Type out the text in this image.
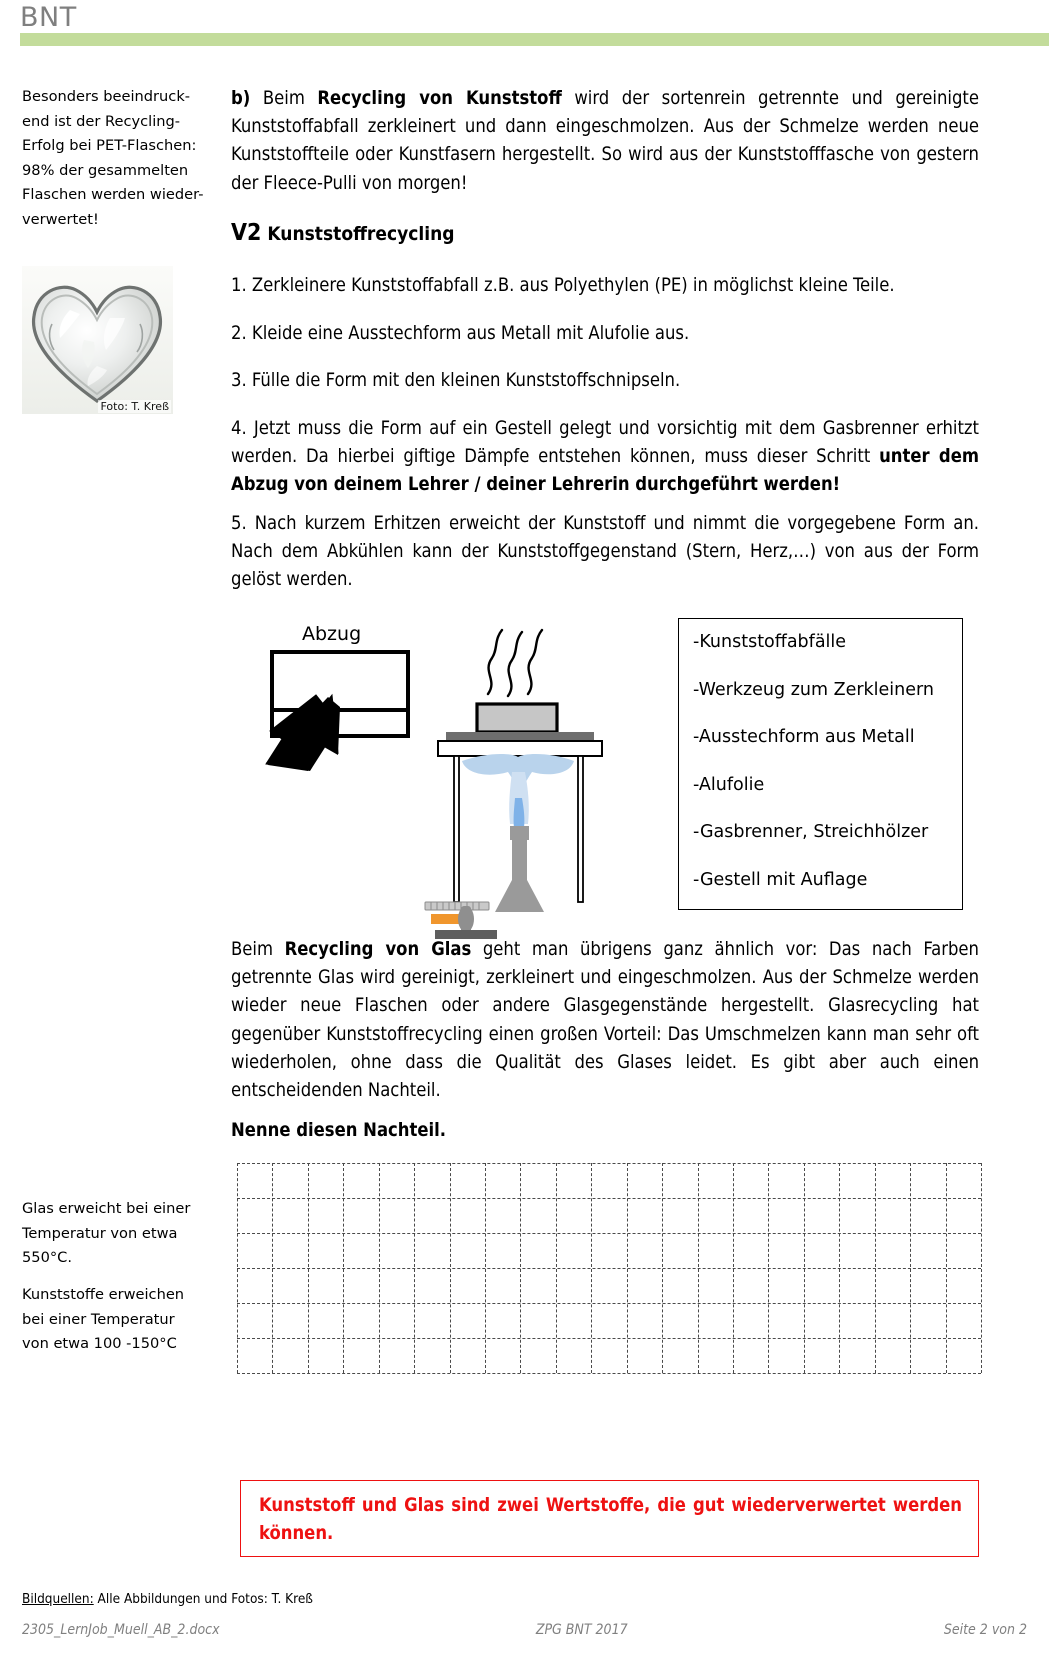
BNT
Besonders beeindruck-
end ist der Recycling-
Erfolg bei PET-Flaschen:
98% der gesammelten
Flaschen werden wieder-
verwertet!
Foto: T. Kreß
Glas erweicht bei einer
Temperatur von etwa
550°C.
Kunststoffe erweichen
bei einer Temperatur
von etwa 100 -150°C
b) Beim Recycling von Kunststoff wird der sortenrein getrennte und gereinigte Kunststoffabfall zerkleinert und dann eingeschmolzen. Aus der Schmelze werden neue Kunststoffteile oder Kunstfasern hergestellt. So wird aus der Kunststofffasche von gestern der Fleece-Pulli von morgen!
V2 Kunststoffrecycling
1. Zerkleinere Kunststoffabfall z.B. aus Polyethylen (PE) in möglichst kleine Teile.
2. Kleide eine Ausstechform aus Metall mit Alufolie aus.
3. Fülle die Form mit den kleinen Kunststoffschnipseln.
4. Jetzt muss die Form auf ein Gestell gelegt und vorsichtig mit dem Gasbrenner erhitzt werden. Da hierbei giftige Dämpfe entstehen können, muss dieser Schritt unter dem Abzug von deinem Lehrer / deiner Lehrerin durchgeführt werden!
5. Nach kurzem Erhitzen erweicht der Kunststoff und nimmt die vorgegebene Form an. Nach dem Abkühlen kann der Kunststoffgegenstand (Stern, Herz,…) von aus der Form gelöst werden.
Abzug	-Kunststoffabfälle
-Werkzeug zum Zerkleinern
-Ausstechform aus Metall
-Alufolie
-Gasbrenner, Streichhölzer
-Gestell mit Auflage
Beim Recycling von Glas geht man übrigens ganz ähnlich vor: Das nach Farben getrennte Glas wird gereinigt, zerkleinert und eingeschmolzen. Aus der Schmelze werden wieder neue Flaschen oder andere Glasgegenstände hergestellt. Glasrecycling hat gegenüber Kunststoffrecycling einen großen Vorteil: Das Umschmelzen kann man sehr oft wiederholen, ohne dass die Qualität des Glases leidet. Es gibt aber auch einen entscheidenden Nachteil.
Nenne diesen Nachteil.
Kunststoff und Glas sind zwei Wertstoffe, die gut wiederverwertet werden können.
Bildquellen: Alle Abbildungen und Fotos: T. Kreß
2305_LernJob_Muell_AB_2.docx	ZPG BNT 2017	Seite 2 von 2
